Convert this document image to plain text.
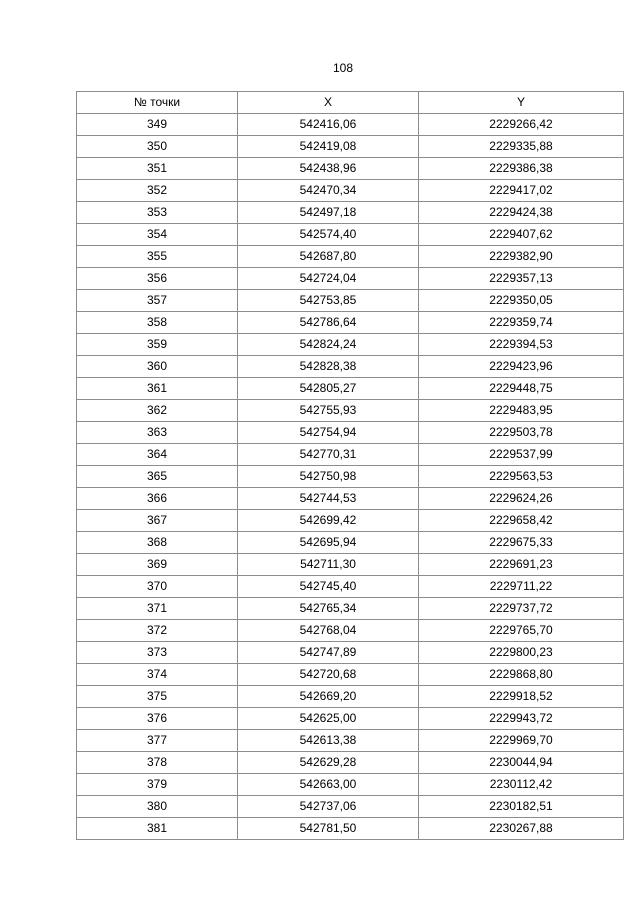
108
№ точки	X	Y
349	542416,06	2229266,42
350	542419,08	2229335,88
351	542438,96	2229386,38
352	542470,34	2229417,02
353	542497,18	2229424,38
354	542574,40	2229407,62
355	542687,80	2229382,90
356	542724,04	2229357,13
357	542753,85	2229350,05
358	542786,64	2229359,74
359	542824,24	2229394,53
360	542828,38	2229423,96
361	542805,27	2229448,75
362	542755,93	2229483,95
363	542754,94	2229503,78
364	542770,31	2229537,99
365	542750,98	2229563,53
366	542744,53	2229624,26
367	542699,42	2229658,42
368	542695,94	2229675,33
369	542711,30	2229691,23
370	542745,40	2229711,22
371	542765,34	2229737,72
372	542768,04	2229765,70
373	542747,89	2229800,23
374	542720,68	2229868,80
375	542669,20	2229918,52
376	542625,00	2229943,72
377	542613,38	2229969,70
378	542629,28	2230044,94
379	542663,00	2230112,42
380	542737,06	2230182,51
381	542781,50	2230267,88
